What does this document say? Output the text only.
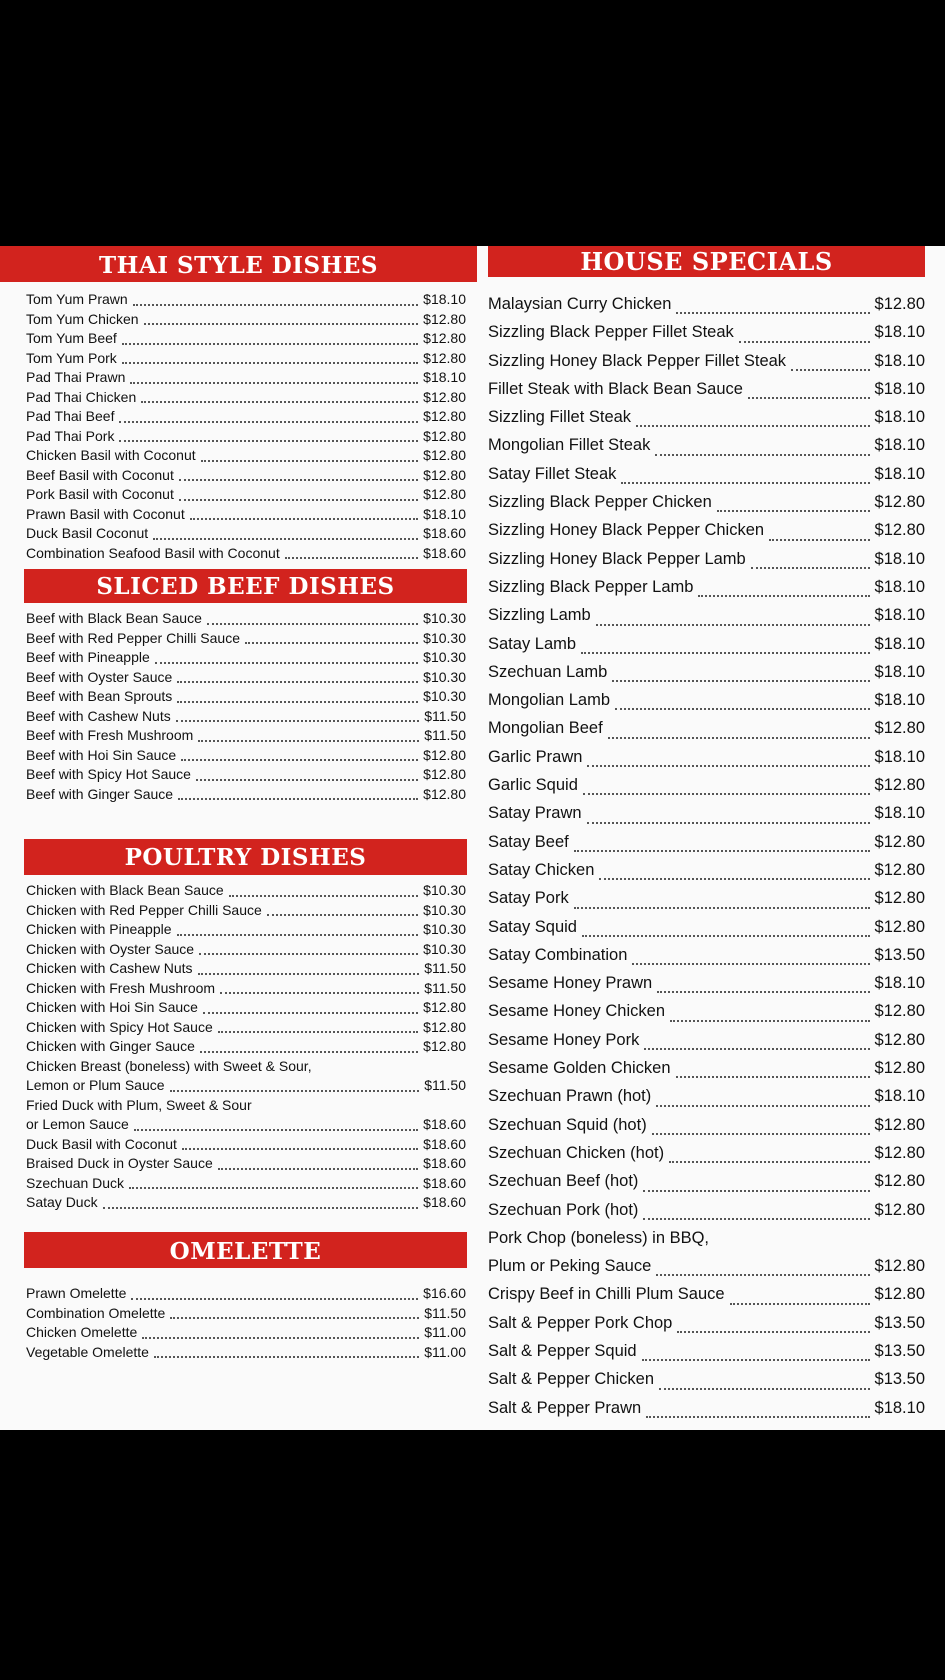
THAI STYLE DISHES
Tom Yum Prawn	$18.10
Tom Yum Chicken	$12.80
Tom Yum Beef	$12.80
Tom Yum Pork	$12.80
Pad Thai Prawn	$18.10
Pad Thai Chicken	$12.80
Pad Thai Beef	$12.80
Pad Thai Pork	$12.80
Chicken Basil with Coconut	$12.80
Beef Basil with Coconut	$12.80
Pork Basil with Coconut	$12.80
Prawn Basil with Coconut	$18.10
Duck Basil Coconut	$18.60
Combination Seafood Basil with Coconut	$18.60
SLICED BEEF DISHES
Beef with Black Bean Sauce	$10.30
Beef with Red Pepper Chilli Sauce	$10.30
Beef with Pineapple	$10.30
Beef with Oyster Sauce	$10.30
Beef with Bean Sprouts	$10.30
Beef with Cashew Nuts	$11.50
Beef with Fresh Mushroom	$11.50
Beef with Hoi Sin Sauce	$12.80
Beef with Spicy Hot Sauce	$12.80
Beef with Ginger Sauce	$12.80
POULTRY DISHES
Chicken with Black Bean Sauce	$10.30
Chicken with Red Pepper Chilli Sauce	$10.30
Chicken with Pineapple	$10.30
Chicken with Oyster Sauce	$10.30
Chicken with Cashew Nuts	$11.50
Chicken with Fresh Mushroom	$11.50
Chicken with Hoi Sin Sauce	$12.80
Chicken with Spicy Hot Sauce	$12.80
Chicken with Ginger Sauce	$12.80
Chicken Breast (boneless) with Sweet & Sour,
Lemon or Plum Sauce	$11.50
Fried Duck with Plum, Sweet & Sour
or Lemon Sauce	$18.60
Duck Basil with Coconut	$18.60
Braised Duck in Oyster Sauce	$18.60
Szechuan Duck	$18.60
Satay Duck	$18.60
OMELETTE
Prawn Omelette	$16.60
Combination Omelette	$11.50
Chicken Omelette	$11.00
Vegetable Omelette	$11.00
HOUSE SPECIALS
Malaysian Curry Chicken	$12.80
Sizzling Black Pepper Fillet Steak	$18.10
Sizzling Honey Black Pepper Fillet Steak	$18.10
Fillet Steak with Black Bean Sauce	$18.10
Sizzling Fillet Steak	$18.10
Mongolian Fillet Steak	$18.10
Satay Fillet Steak	$18.10
Sizzling Black Pepper Chicken	$12.80
Sizzling Honey Black Pepper Chicken	$12.80
Sizzling Honey Black Pepper Lamb	$18.10
Sizzling Black Pepper Lamb	$18.10
Sizzling Lamb	$18.10
Satay Lamb	$18.10
Szechuan Lamb	$18.10
Mongolian Lamb	$18.10
Mongolian Beef	$12.80
Garlic Prawn	$18.10
Garlic Squid	$12.80
Satay Prawn	$18.10
Satay Beef	$12.80
Satay Chicken	$12.80
Satay Pork	$12.80
Satay Squid	$12.80
Satay Combination	$13.50
Sesame Honey Prawn	$18.10
Sesame Honey Chicken	$12.80
Sesame Honey Pork	$12.80
Sesame Golden Chicken	$12.80
Szechuan Prawn (hot)	$18.10
Szechuan Squid (hot)	$12.80
Szechuan Chicken (hot)	$12.80
Szechuan Beef (hot)	$12.80
Szechuan Pork (hot)	$12.80
Pork Chop (boneless) in BBQ,
Plum or Peking Sauce	$12.80
Crispy Beef in Chilli Plum Sauce	$12.80
Salt & Pepper Pork Chop	$13.50
Salt & Pepper Squid	$13.50
Salt & Pepper Chicken	$13.50
Salt & Pepper Prawn	$18.10
